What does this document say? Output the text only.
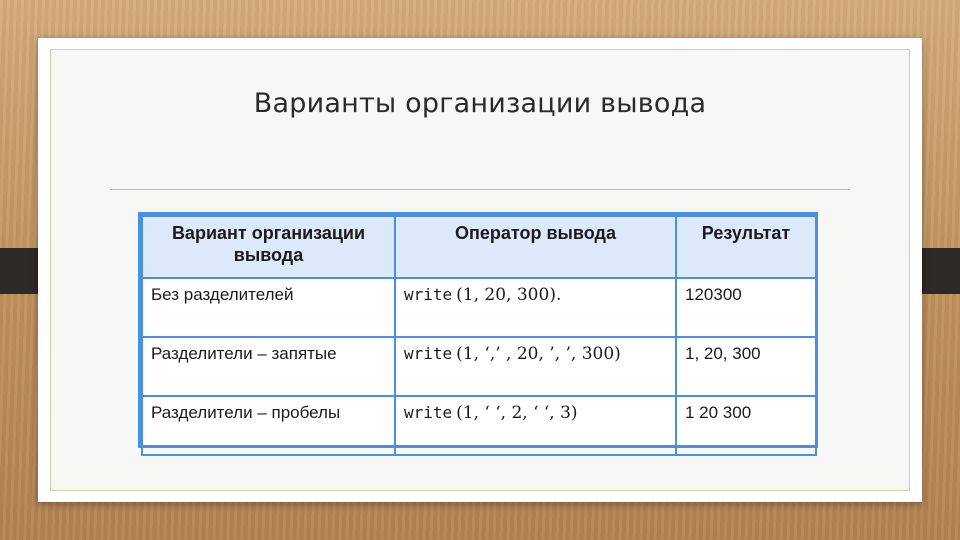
Варианты организации вывода
Вариант организации вывода	Оператор вывода	Результат
Без разделителей	write (1, 20, 300).	120300
Разделители – запятые	write (1, ‘,’ , 20, ’, ’, 300)	1, 20, 300
Разделители – пробелы	write (1, ‘ ‘, 2, ‘ ‘, 3)	1 20 300
